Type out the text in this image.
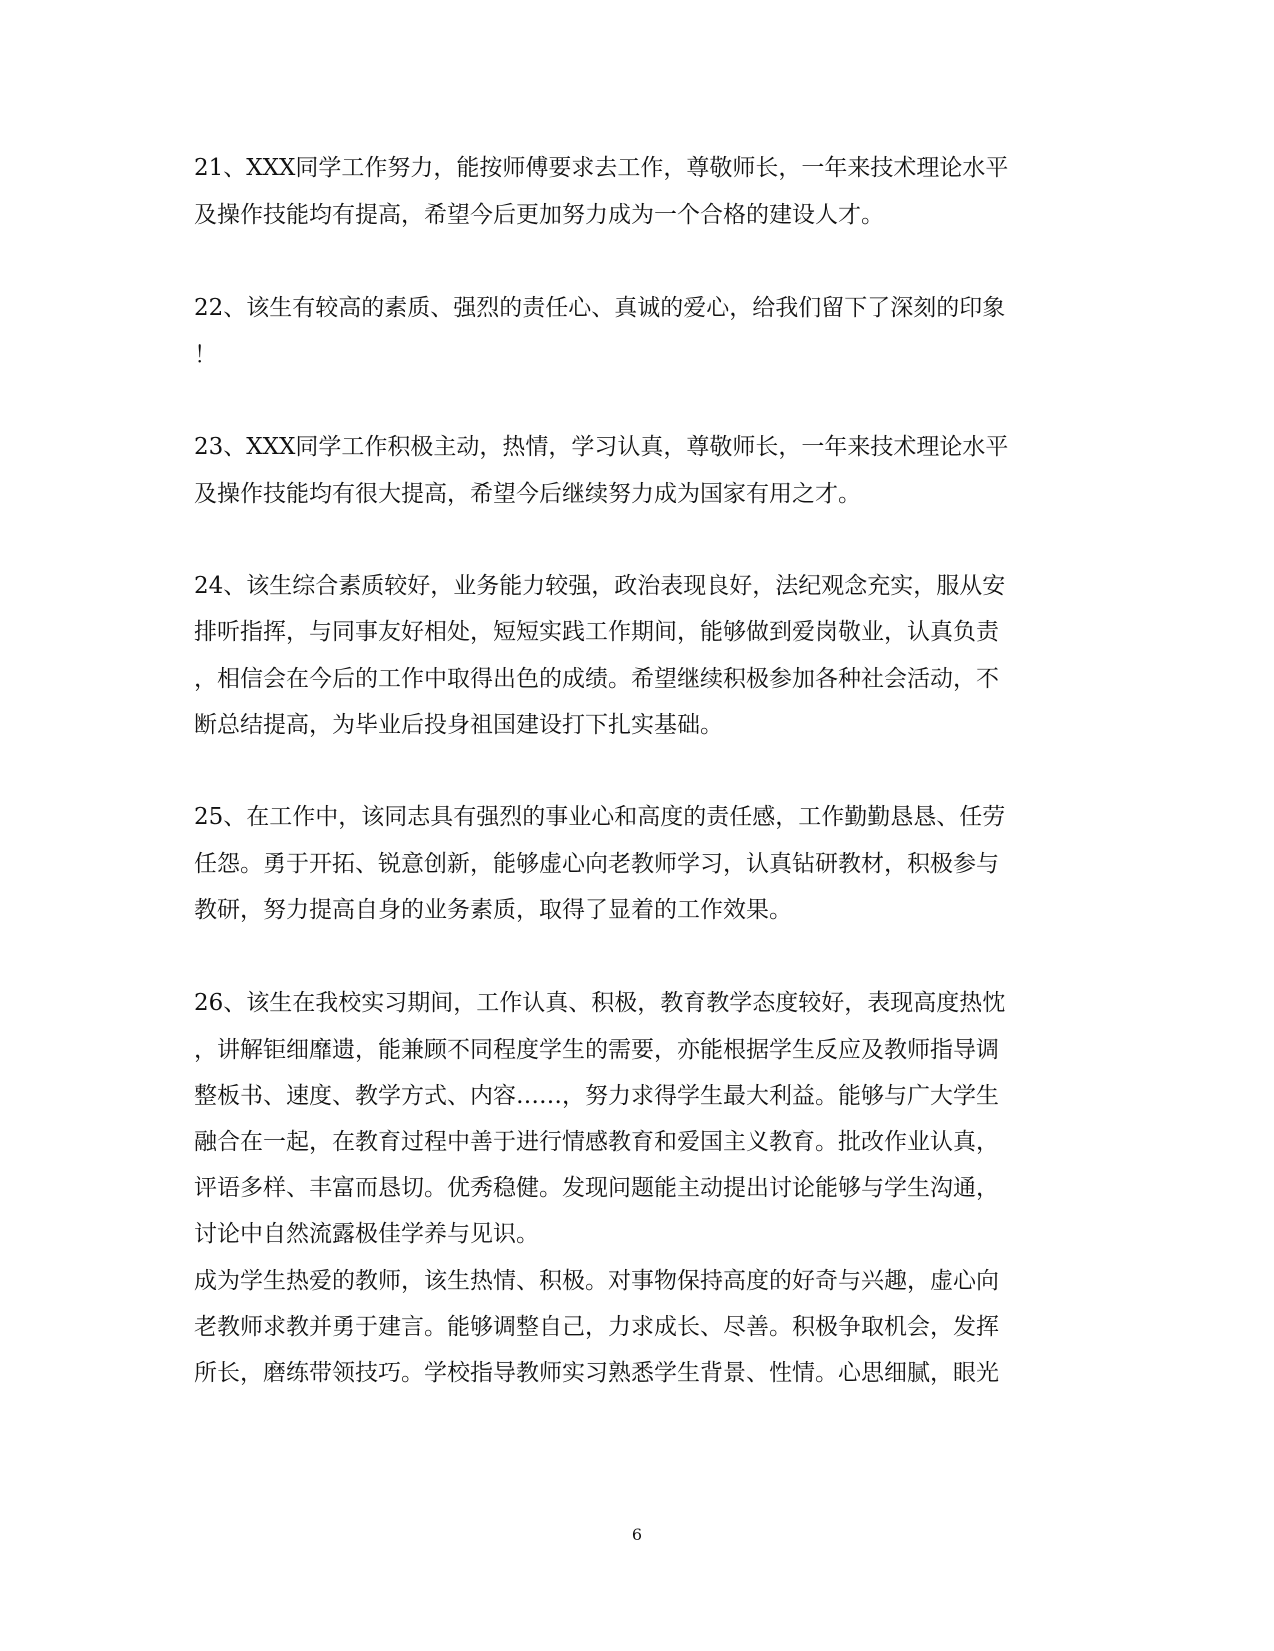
21、XXX同学工作努力，能按师傅要求去工作，尊敬师长，一年来技术理论水平
及操作技能均有提高，希望今后更加努力成为一个合格的建设人才。
22、该生有较高的素质、强烈的责任心、真诚的爱心，给我们留下了深刻的印象
！
23、XXX同学工作积极主动，热情，学习认真，尊敬师长，一年来技术理论水平
及操作技能均有很大提高，希望今后继续努力成为国家有用之才。
24、该生综合素质较好，业务能力较强，政治表现良好，法纪观念充实，服从安
排听指挥，与同事友好相处，短短实践工作期间，能够做到爱岗敬业，认真负责
，相信会在今后的工作中取得出色的成绩。希望继续积极参加各种社会活动，不
断总结提高，为毕业后投身祖国建设打下扎实基础。
25、在工作中，该同志具有强烈的事业心和高度的责任感，工作勤勤恳恳、任劳
任怨。勇于开拓、锐意创新，能够虚心向老教师学习，认真钻研教材，积极参与
教研，努力提高自身的业务素质，取得了显着的工作效果。
26、该生在我校实习期间，工作认真、积极，教育教学态度较好，表现高度热忱
，讲解钜细靡遗，能兼顾不同程度学生的需要，亦能根据学生反应及教师指导调
整板书、速度、教学方式、内容……，努力求得学生最大利益。能够与广大学生
融合在一起，在教育过程中善于进行情感教育和爱国主义教育。批改作业认真，
评语多样、丰富而恳切。优秀稳健。发现问题能主动提出讨论能够与学生沟通，
讨论中自然流露极佳学养与见识。
成为学生热爱的教师，该生热情、积极。对事物保持高度的好奇与兴趣，虚心向
老教师求教并勇于建言。能够调整自己，力求成长、尽善。积极争取机会，发挥
所长，磨练带领技巧。学校指导教师实习熟悉学生背景、性情。心思细腻，眼光
6
